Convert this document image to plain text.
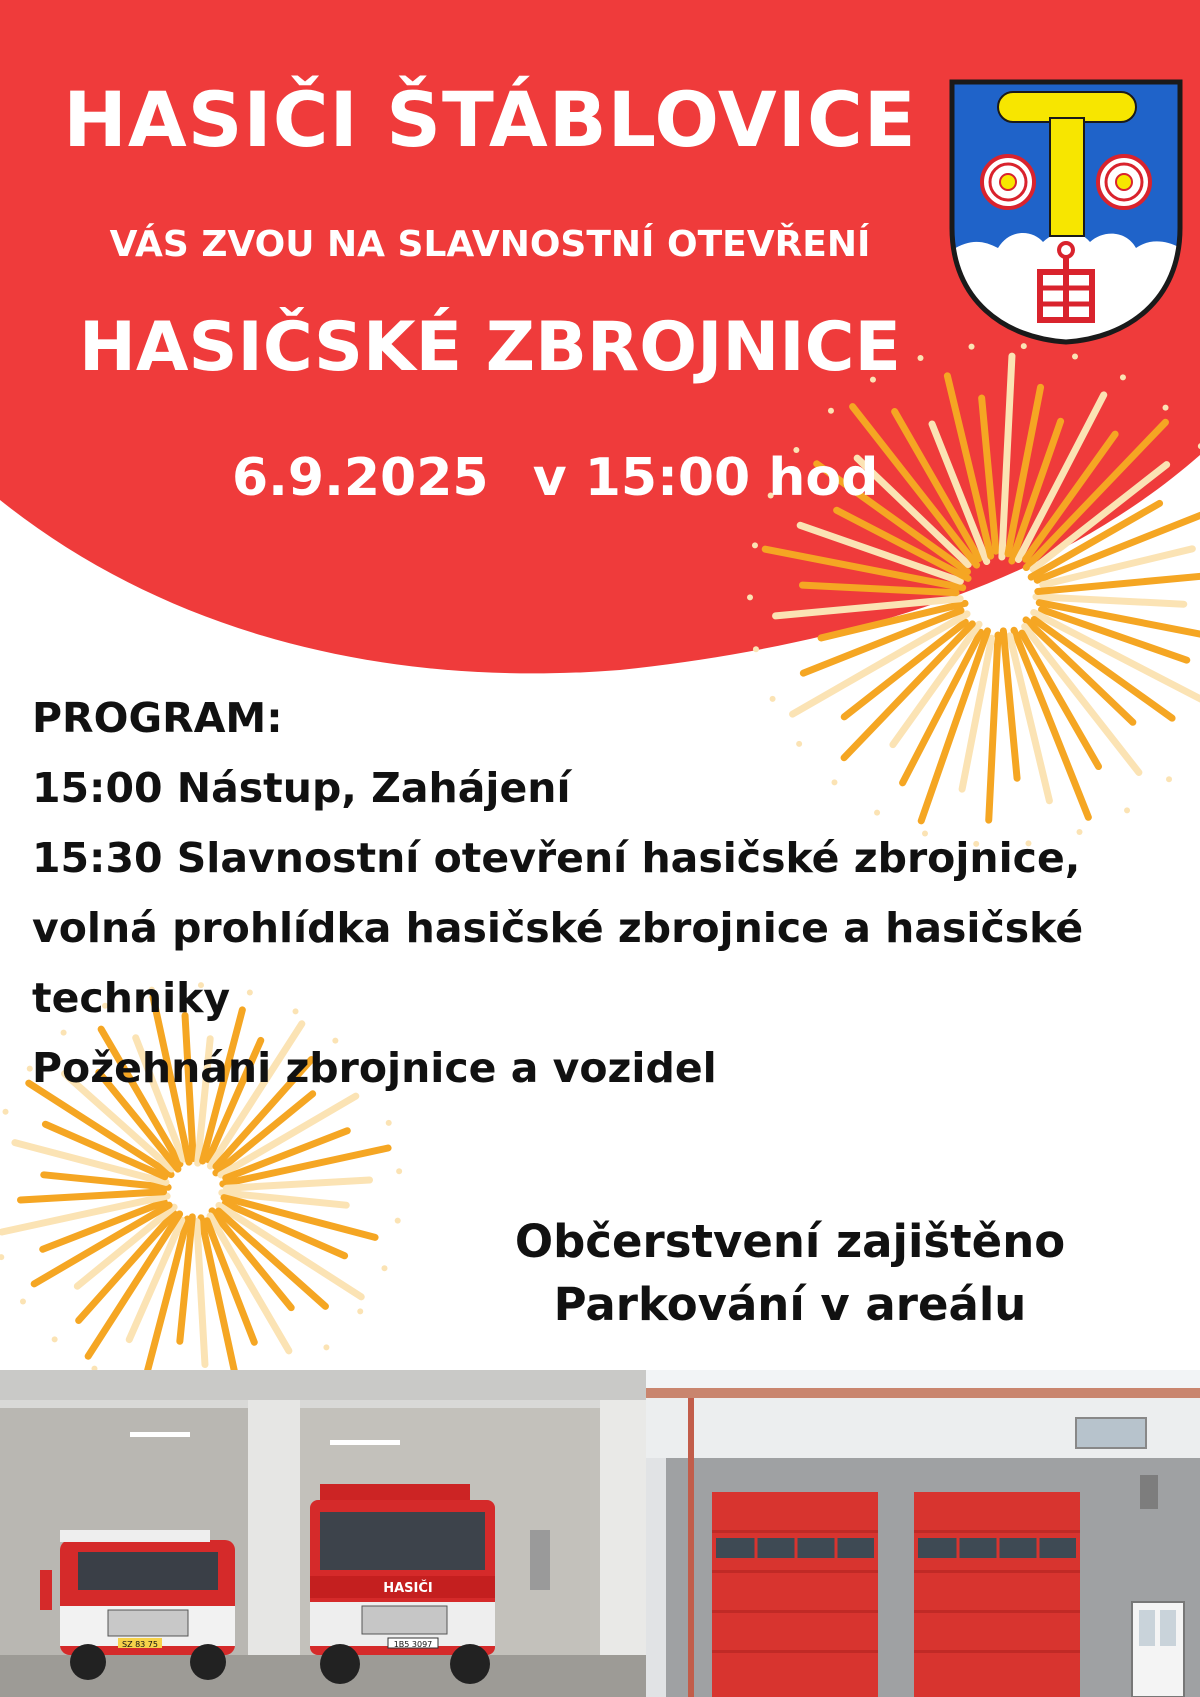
HASIČI ŠTÁBLOVICE
VÁS ZVOU NA SLAVNOSTNÍ OTEVŘENÍ
HASIČSKÉ ZBROJNICE
6.9.2025 v 15:00 hod

PROGRAM:

15:00 Nástup, Zahájení

15:30 Slavnostní otevření hasičské zbrojnice,

volná prohlídka hasičské zbrojnice a hasičské

techniky

Požehnáni zbrojnice a vozidel

Občerstvení zajištěno
Parkování v areálu
SZ 83 75
HASIČI
1B5 3097
